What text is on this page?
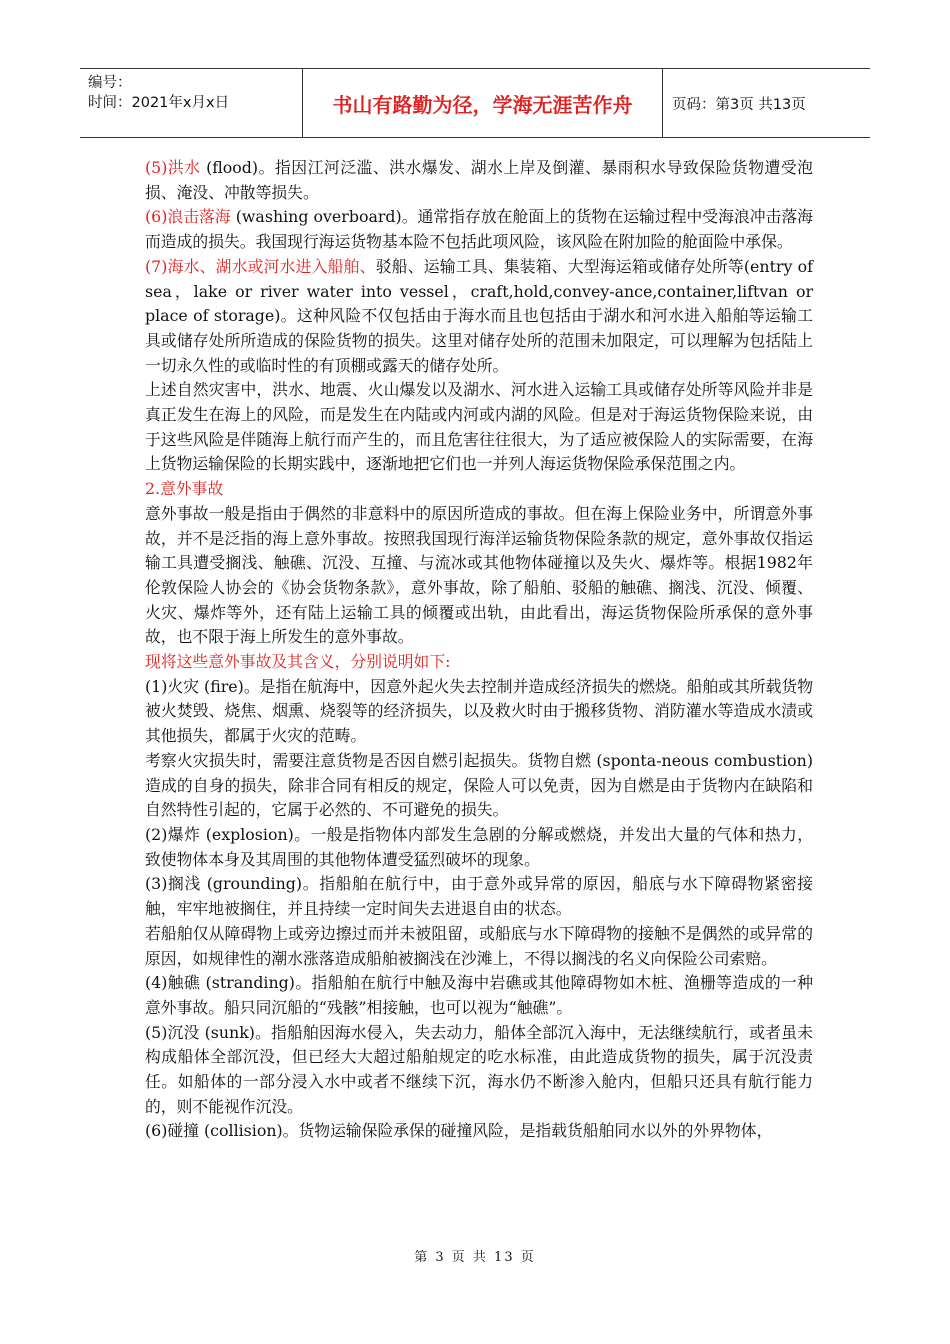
编号：
时间：2021年x月x日	书山有路勤为径，学海无涯苦作舟	页码：第3页 共13页

(5)洪水 (flood)。指因江河泛滥、洪水爆发、湖水上岸及倒灌、暴雨积水导致保险货物遭受泡损、淹没、冲散等损失。

(6)浪击落海 (washing overboard)。通常指存放在舱面上的货物在运输过程中受海浪冲击落海而造成的损失。我国现行海运货物基本险不包括此项风险，该风险在附加险的舱面险中承保。

(7)海水、湖水或河水进入船舶、驳船、运输工具、集装箱、大型海运箱或储存处所等(entry of sea，lake or river water into vessel，craft,hold,convey-ance,container,liftvan or place of storage)。这种风险不仅包括由于海水而且也包括由于湖水和河水进入船舶等运输工具或储存处所所造成的保险货物的损失。这里对储存处所的范围未加限定，可以理解为包括陆上一切永久性的或临时性的有顶棚或露天的储存处所。

上述自然灾害中，洪水、地震、火山爆发以及湖水、河水进入运输工具或储存处所等风险并非是真正发生在海上的风险，而是发生在内陆或内河或内湖的风险。但是对于海运货物保险来说，由于这些风险是伴随海上航行而产生的，而且危害往往很大，为了适应被保险人的实际需要，在海上货物运输保险的长期实践中，逐渐地把它们也一并列人海运货物保险承保范围之内。

2.意外事故

意外事故一般是指由于偶然的非意料中的原因所造成的事故。但在海上保险业务中，所谓意外事故，并不是泛指的海上意外事故。按照我国现行海洋运输货物保险条款的规定，意外事故仅指运输工具遭受搁浅、触礁、沉没、互撞、与流冰或其他物体碰撞以及失火、爆炸等。根据1982年伦敦保险人协会的《协会货物条款》，意外事故，除了船舶、驳船的触礁、搁浅、沉没、倾覆、火灾、爆炸等外，还有陆上运输工具的倾覆或出轨，由此看出，海运货物保险所承保的意外事故，也不限于海上所发生的意外事故。

现将这些意外事故及其含义，分别说明如下:

(1)火灾 (fire)。是指在航海中，因意外起火失去控制并造成经济损失的燃烧。船舶或其所载货物被火焚毁、烧焦、烟熏、烧裂等的经济损失，以及救火时由于搬移货物、消防灌水等造成水渍或其他损失，都属于火灾的范畴。

考察火灾损失时，需要注意货物是否因自燃引起损失。货物自燃 (sponta-neous combustion)造成的自身的损失，除非合同有相反的规定，保险人可以免责，因为自燃是由于货物内在缺陷和自然特性引起的，它属于必然的、不可避免的损失。

(2)爆炸 (explosion)。一般是指物体内部发生急剧的分解或燃烧，并发出大量的气体和热力，致使物体本身及其周围的其他物体遭受猛烈破坏的现象。

(3)搁浅 (grounding)。指船舶在航行中，由于意外或异常的原因，船底与水下障碍物紧密接触，牢牢地被搁住，并且持续一定时间失去进退自由的状态。

若船舶仅从障碍物上或旁边擦过而并未被阻留，或船底与水下障碍物的接触不是偶然的或异常的原因，如规律性的潮水涨落造成船舶被搁浅在沙滩上，不得以搁浅的名义向保险公司索赔。

(4)触礁 (stranding)。指船舶在航行中触及海中岩礁或其他障碍物如木桩、渔栅等造成的一种意外事故。船只同沉船的“残骸”相接触，也可以视为“触礁”。

(5)沉没 (sunk)。指船舶因海水侵入，失去动力，船体全部沉入海中，无法继续航行，或者虽未构成船体全部沉没，但已经大大超过船舶规定的吃水标准，由此造成货物的损失，属于沉没责任。如船体的一部分浸入水中或者不继续下沉，海水仍不断渗入舱内，但船只还具有航行能力的，则不能视作沉没。

(6)碰撞 (collision)。货物运输保险承保的碰撞风险，是指载货船舶同水以外的外界物体，

第 3 页 共 13 页
